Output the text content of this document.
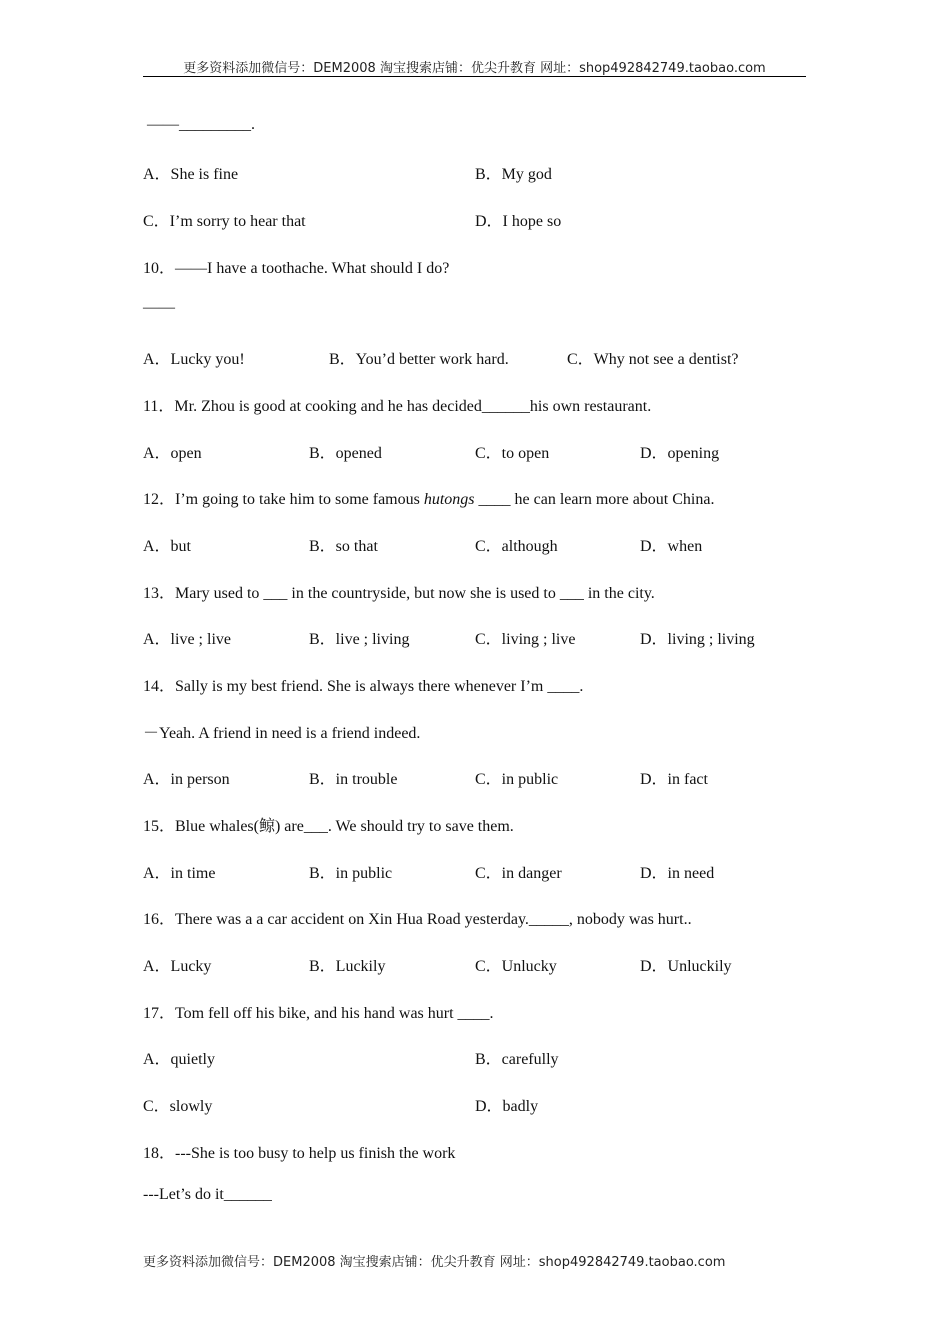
更多资料添加微信号：DEM2008 淘宝搜索店铺：优尖升教育 网址：shop492842749.taobao.com
——_________.
A．She is fine	B．My god
C．I’m sorry to hear that	D．I hope so
10．——I have a toothache. What should I do?
——
A．Lucky you!	B．You’d better work hard.	C．Why not see a dentist?
11．Mr. Zhou is good at cooking and he has decided______his own restaurant.
A．open	B．opened	C．to open	D．opening
12．I’m going to take him to some famous hutongs ____ he can learn more about China.
A．but	B．so that	C．although	D．when
13．Mary used to ___ in the countryside, but now she is used to ___ in the city.
A．live ; live	B．live ; living	C．living ; live	D．living ; living
14．Sally is my best friend. She is always there whenever I’m ____.
－Yeah. A friend in need is a friend indeed.
A．in person	B．in trouble	C．in public	D．in fact
15．Blue whales(鲸) are___. We should try to save them.
A．in time	B．in public	C．in danger	D．in need
16．There was a a car accident on Xin Hua Road yesterday._____, nobody was hurt..
A．Lucky	B．Luckily	C．Unlucky	D．Unluckily
17．Tom fell off his bike, and his hand was hurt ____.
A．quietly	B．carefully
C．slowly	D．badly
18．---She is too busy to help us finish the work
---Let’s do it______
更多资料添加微信号：DEM2008 淘宝搜索店铺：优尖升教育 网址：shop492842749.taobao.com
